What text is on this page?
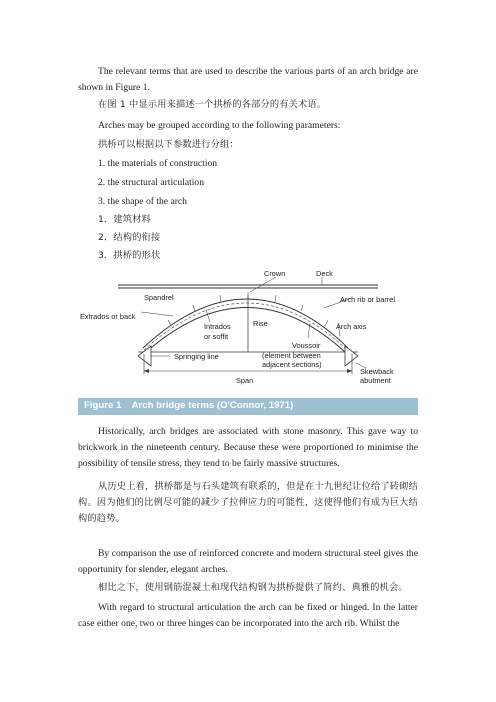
The relevant terms that are used to describe the various parts of an arch bridge are shown in Figure 1.

在图 1 中显示用来描述一个拱桥的各部分的有关术语。

Arches may be grouped according to the following parameters:

拱桥可以根据以下参数进行分组：

1. the materials of construction

2. the structural articulation

3. the shape of the arch

1．建筑材料

2．结构的衔接

3．拱桥的形状

Crown	Deck
Spandrel	Arch rib or barrel
Extrados or back
Intrados
or soffit
Rise	Arch axis
Voussoir
(element between
adjacent sections)
Springing line
Skewback
abutment
Span
Figure 1    Arch bridge terms (O'Connor, 1971)

Historically, arch bridges are associated with stone masonry. This gave way to brickwork in the nineteenth century. Because these were proportioned to minimise the possibility of tensile stress, they tend to be fairly massive structures.

从历史上看，拱桥都是与石头建筑有联系的，但是在十九世纪让位给了砖砌结构。因为他们的比例尽可能的减少了拉伸应力的可能性，这使得他们有成为巨大结构的趋势。

By comparison the use of reinforced concrete and modern structural steel gives the opportunity for slender, elegant arches.

相比之下，使用钢筋混凝土和现代结构钢为拱桥提供了简约、典雅的机会。

With regard to structural articulation the arch can be fixed or hinged. In the latter case either one, two or three hinges can be incorporated into the arch rib. Whilst the
